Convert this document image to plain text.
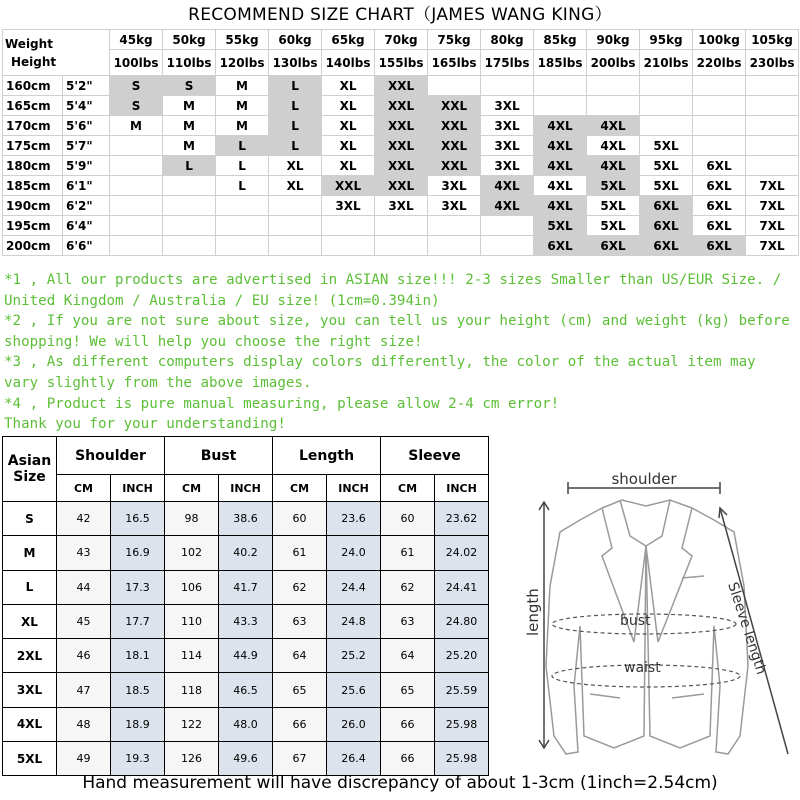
RECOMMEND SIZE CHART（JAMES WANG KING）
Weight
Height		45kg	50kg	55kg	60kg	65kg	70kg	75kg	80kg	85kg	90kg	95kg	100kg	105kg
		100lbs	110lbs	120lbs	130lbs	140lbs	155lbs	165lbs	175lbs	185lbs	200lbs	210lbs	220lbs	230lbs
160cm	5'2"	S	S	M	L	XL	XXL							
165cm	5'4"	S	M	M	L	XL	XXL	XXL	3XL					
170cm	5'6"	M	M	M	L	XL	XXL	XXL	3XL	4XL	4XL			
175cm	5'7"		M	L	L	XL	XXL	XXL	3XL	4XL	4XL	5XL		
180cm	5'9"		L	L	XL	XL	XXL	XXL	3XL	4XL	4XL	5XL	6XL	
185cm	6'1"			L	XL	XXL	XXL	3XL	4XL	4XL	5XL	5XL	6XL	7XL
190cm	6'2"					3XL	3XL	3XL	4XL	4XL	5XL	6XL	6XL	7XL
195cm	6'4"									5XL	5XL	6XL	6XL	7XL
200cm	6'6"									6XL	6XL	6XL	6XL	7XL
*1 , All our products are advertised in ASIAN size!!! 2-3 sizes Smaller than US/EUR Size. / United Kingdom / Australia / EU size! (1cm=0.394in)
*2 , If you are not sure about size, you can tell us your height (cm) and weight (kg) before shopping! We will help you choose the right size!
*3 , As different computers display colors differently, the color of the actual item may vary slightly from the above images.
*4 , Product is pure manual measuring, please allow 2-4 cm error!
Thank you for your understanding!
Asian
Size	Shoulder		Bust		Length		Sleeve	
	CM	INCH	CM	INCH	CM	INCH	CM	INCH
S	42	16.5	98	38.6	60	23.6	60	23.62
M	43	16.9	102	40.2	61	24.0	61	24.02
L	44	17.3	106	41.7	62	24.4	62	24.41
XL	45	17.7	110	43.3	63	24.8	63	24.80
2XL	46	18.1	114	44.9	64	25.2	64	25.20
3XL	47	18.5	118	46.5	65	25.6	65	25.59
4XL	48	18.9	122	48.0	66	26.0	66	25.98
5XL	49	19.3	126	49.6	67	26.4	66	25.98
shoulder
length	bust
waist	Sleeve length
Hand measurement will have discrepancy of about 1-3cm (1inch=2.54cm)
